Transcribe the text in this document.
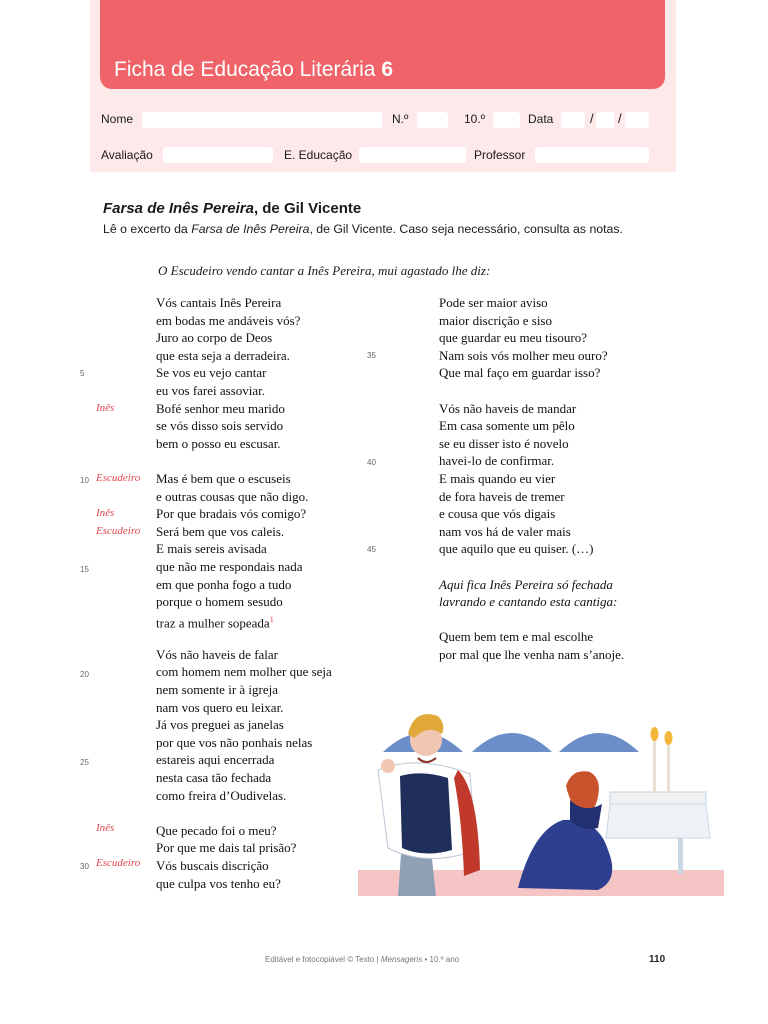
Ficha de Educação Literária 6
Nome	N.º	10.º	Data	/ /
Avaliação	E. Educação	Professor
Farsa de Inês Pereira, de Gil Vicente
Lê o excerto da Farsa de Inês Pereira, de Gil Vicente. Caso seja necessário, consulta as notas.
O Escudeiro vendo cantar a Inês Pereira, mui agastado lhe diz:
Vós cantais Inês Pereira
em bodas me andáveis vós?
Juro ao corpo de Deos
que esta seja a derradeira.
Se vos eu vejo cantar
eu vos farei assoviar.
Bofé senhor meu marido
se vós disso sois servido
bem o posso eu escusar.
Mas é bem que o escuseis
e outras cousas que não digo.
Por que bradais vós comigo?
Será bem que vos caleis.
E mais sereis avisada
que não me respondais nada
em que ponha fogo a tudo
porque o homem sesudo
traz a mulher sopeada$^1$
Vós não haveis de falar
com homem nem molher que seja
nem somente ir à igreja
nam vos quero eu leixar.
Já vos preguei as janelas
por que vos não ponhais nelas
estareis aqui encerrada
nesta casa tão fechada
como freira d’Oudivelas.
Que pecado foi o meu?
Por que me dais tal prisão?
Vós buscais discrição
que culpa vos tenho eu?
Inês
Escudeiro
Inês
Escudeiro
Inês
Escudeiro
5
10
15
20
25
30
35
40
45
Pode ser maior aviso
maior discrição e siso
que guardar eu meu tisouro?
Nam sois vós molher meu ouro?
Que mal faço em guardar isso?
Vós não haveis de mandar
Em casa somente um pêlo
se eu disser isto é novelo
havei-lo de confirmar.
E mais quando eu vier
de fora haveis de tremer
e cousa que vós digais
nam vos há de valer mais
que aquilo que eu quiser. (…)
Aqui fica Inês Pereira só fechada
lavrando e cantando esta cantiga:
Quem bem tem e mal escolhe
por mal que lhe venha nam s’anoje.
Editável e fotocopiável © Texto | Mensagens • 10.º ano	110
